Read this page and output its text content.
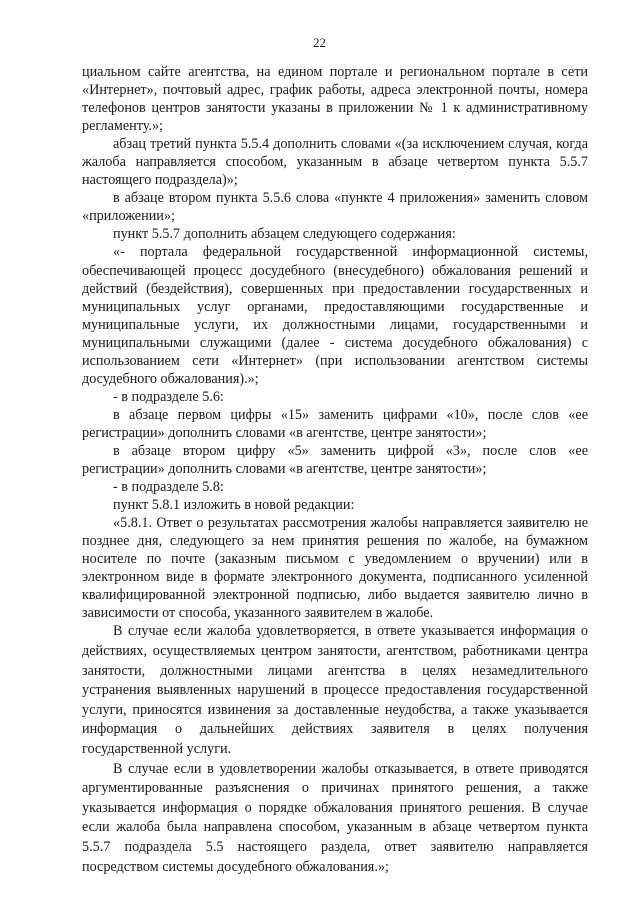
22

циальном сайте агентства, на едином портале и региональном портале в сети «Интернет», почтовый адрес, график работы, адреса электронной почты, номера телефонов центров занятости указаны в приложении № 1 к административному регламенту.»;

абзац третий пункта 5.5.4 дополнить словами «(за исключением случая, когда жалоба направляется способом, указанным в абзаце четвертом пункта 5.5.7 настоящего подраздела)»;

в абзаце втором пункта 5.5.6 слова «пункте 4 приложения» заменить словом «приложении»;

пункт 5.5.7 дополнить абзацем следующего содержания:

«- портала федеральной государственной информационной системы, обеспечивающей процесс досудебного (внесудебного) обжалования решений и действий (бездействия), совершенных при предоставлении государственных и муниципальных услуг органами, предоставляющими государственные и муниципальные услуги, их должностными лицами, государственными и муниципальными служащими (далее - система досудебного обжалования) с использованием сети «Интернет» (при использовании агентством системы досудебного обжалования).»;

- в подразделе 5.6:

в абзаце первом цифры «15» заменить цифрами «10», после слов «ее регистрации» дополнить словами «в агентстве, центре занятости»;

в абзаце втором цифру «5» заменить цифрой «3», после слов «ее регистрации» дополнить словами «в агентстве, центре занятости»;

- в подразделе 5.8:

пункт 5.8.1 изложить в новой редакции:

«5.8.1. Ответ о результатах рассмотрения жалобы направляется заявителю не позднее дня, следующего за нем принятия решения по жалобе, на бумажном носителе по почте (заказным письмом с уведомлением о вручении) или в электронном виде в формате электронного документа, подписанного усиленной квалифицированной электронной подписью, либо выдается заявителю лично в зависимости от способа, указанного заявителем в жалобе.

В случае если жалоба удовлетворяется, в ответе указывается информация о действиях, осуществляемых центром занятости, агентством, работниками центра занятости, должностными лицами агентства в целях незамедлительного устранения выявленных нарушений в процессе предоставления государственной услуги, приносятся извинения за доставленные неудобства, а также указывается информация о дальнейших действиях заявителя в целях получения государственной услуги.

В случае если в удовлетворении жалобы отказывается, в ответе приводятся аргументированные разъяснения о причинах принятого решения, а также указывается информация о порядке обжалования принятого решения. В случае если жалоба была направлена способом, указанным в абзаце четвертом пункта 5.5.7 подраздела 5.5 настоящего раздела, ответ заявителю направляется посредством системы досудебного обжалования.»;
